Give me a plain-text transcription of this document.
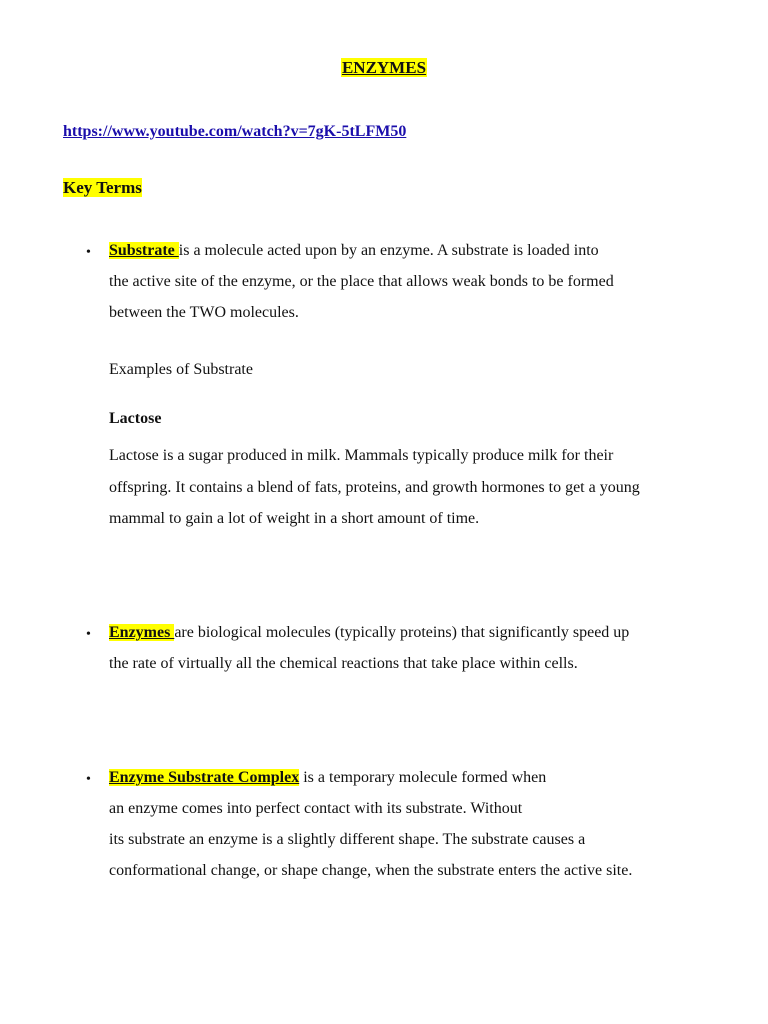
ENZYMES
https://www.youtube.com/watch?v=7gK-5tLFM50
Key Terms
• Substrate is a molecule acted upon by an enzyme. A substrate is loaded into
the active site of the enzyme, or the place that allows weak bonds to be formed
between the TWO molecules.
Examples of Substrate
Lactose
Lactose is a sugar produced in milk. Mammals typically produce milk for their
offspring. It contains a blend of fats, proteins, and growth hormones to get a young
mammal to gain a lot of weight in a short amount of time.
• Enzymes are biological molecules (typically proteins) that significantly speed up
the rate of virtually all the chemical reactions that take place within cells.
• Enzyme Substrate Complex is a temporary molecule formed when
an enzyme comes into perfect contact with its substrate. Without
its substrate an enzyme is a slightly different shape. The substrate causes a
conformational change, or shape change, when the substrate enters the active site.
